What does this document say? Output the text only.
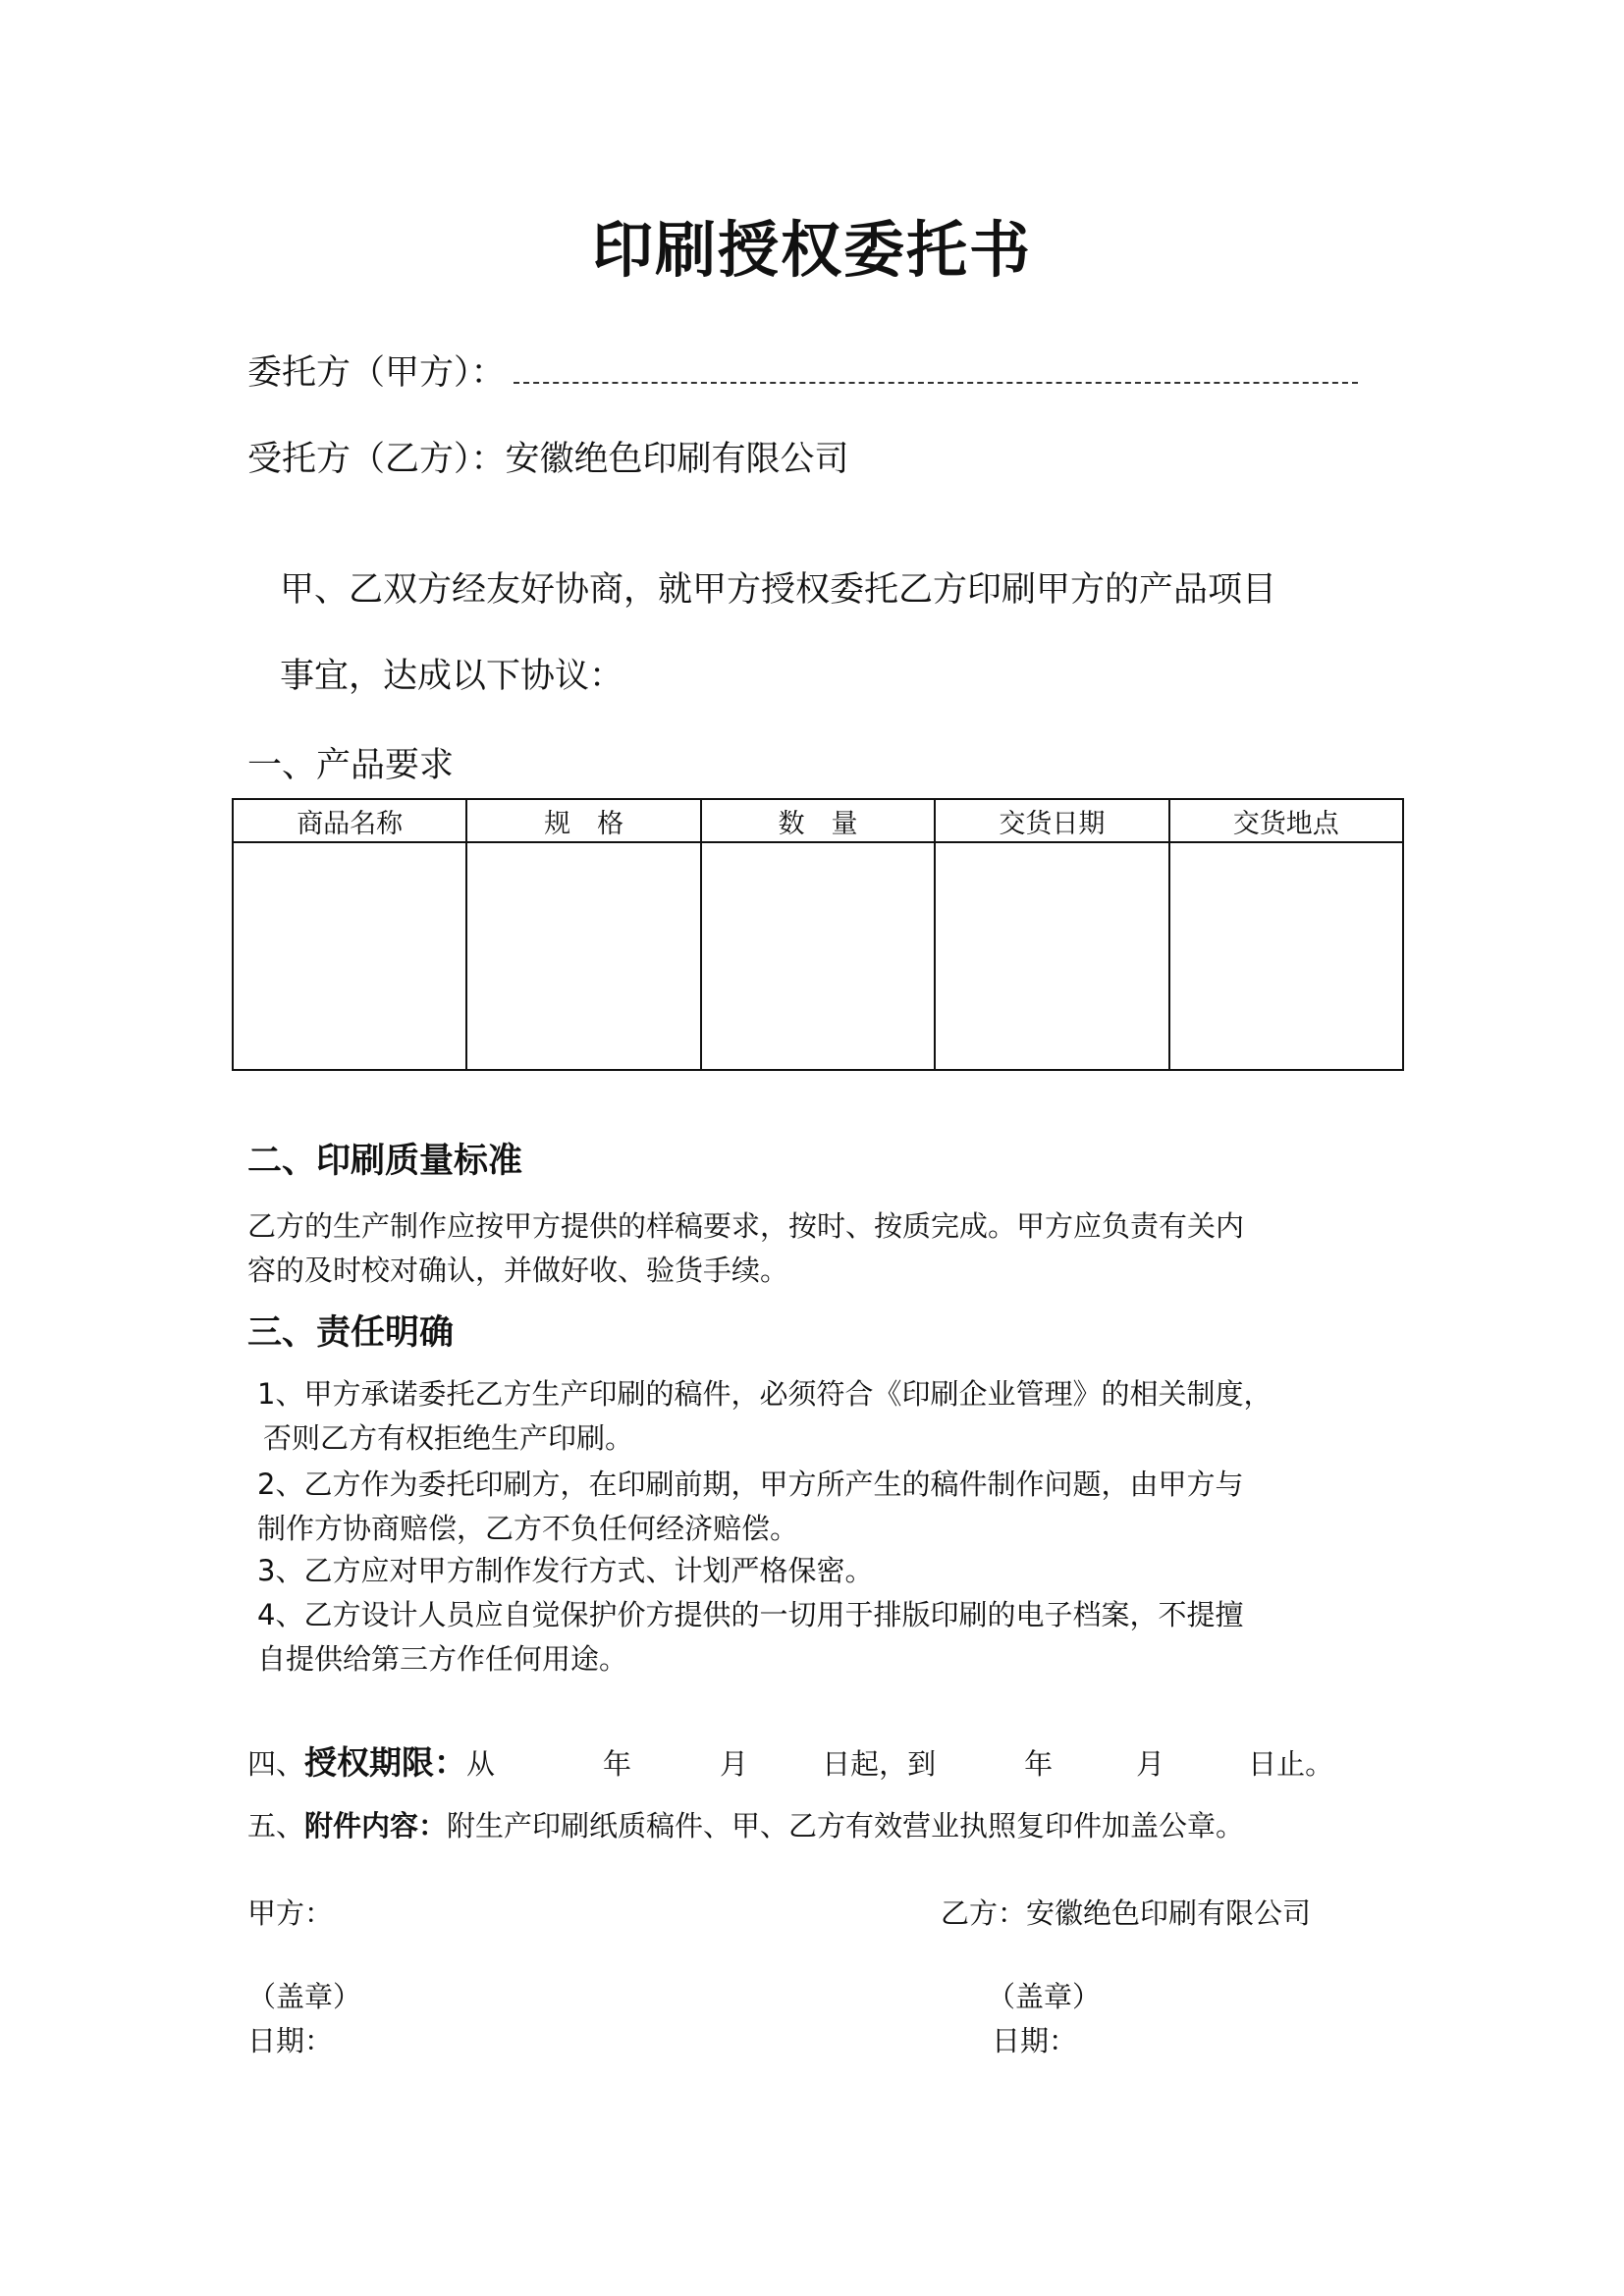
印刷授权委托书
委托方（甲方）：
受托方（乙方）：安徽绝色印刷有限公司
甲、乙双方经友好协商，就甲方授权委托乙方印刷甲方的产品项目
事宜，达成以下协议：
一、产品要求
商品名称	规　格	数　量	交货日期	交货地点

二、印刷质量标准
乙方的生产制作应按甲方提供的样稿要求，按时、按质完成。甲方应负责有关内
容的及时校对确认，并做好收、验货手续。
三、责任明确
1、甲方承诺委托乙方生产印刷的稿件，必须符合《印刷企业管理》的相关制度，
否则乙方有权拒绝生产印刷。
2、乙方作为委托印刷方，在印刷前期，甲方所产生的稿件制作问题，由甲方与
制作方协商赔偿，乙方不负任何经济赔偿。
3、乙方应对甲方制作发行方式、计划严格保密。
4、乙方设计人员应自觉保护价方提供的一切用于排版印刷的电子档案，不提擅
自提供给第三方作任何用途。
四、授权期限：从	年	月	日起，到	年	月	日止。
五、附件内容：附生产印刷纸质稿件、甲、乙方有效营业执照复印件加盖公章。
甲方：	乙方：安徽绝色印刷有限公司
（盖章）	（盖章）
日期：	日期：
